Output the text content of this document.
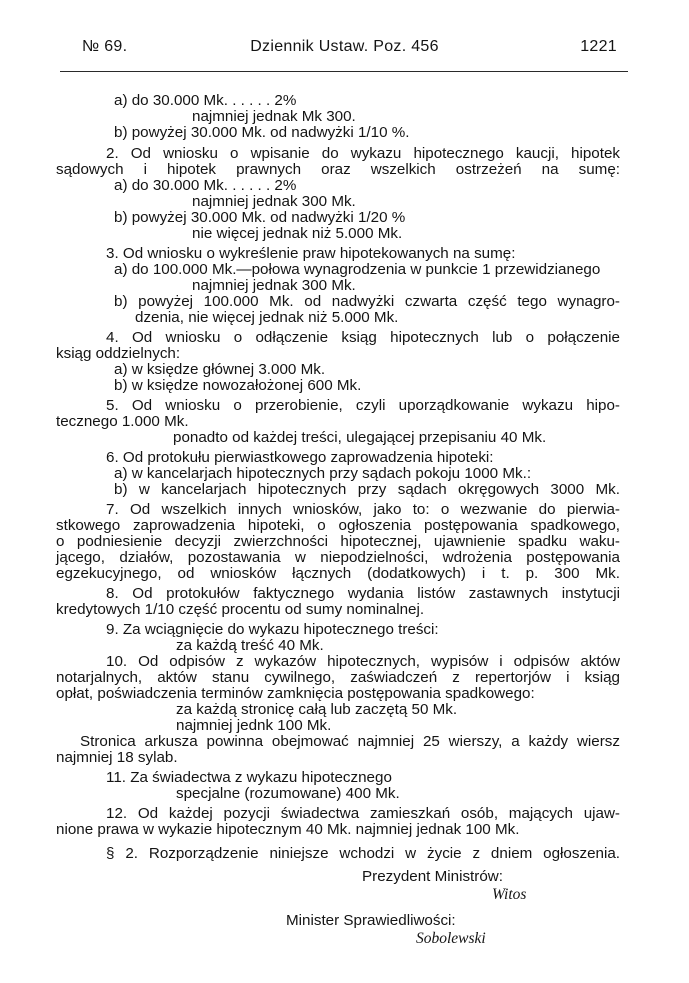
№ 69.	Dziennik Ustaw. Poz. 456	1221
a) do 30.000 Mk. . . . . . 2%
najmniej jednak Mk 300.
b) powyżej 30.000 Mk. od nadwyżki 1/10 %.
2. Od wniosku o wpisanie do wykazu hipotecznego kaucji, hipotek
sądowych i hipotek prawnych oraz wszelkich ostrzeżeń na sumę:
a) do 30.000 Mk. . . . . . 2%
najmniej jednak 300 Mk.
b) powyżej 30.000 Mk. od nadwyżki 1/20 %
nie więcej jednak niż 5.000 Mk.
3. Od wniosku o wykreślenie praw hipotekowanych na sumę:
a) do 100.000 Mk.—połowa wynagrodzenia w punkcie 1 przewidzianego
najmniej jednak 300 Mk.
b) powyżej 100.000 Mk. od nadwyżki czwarta część tego wynagro-
dzenia, nie więcej jednak niż 5.000 Mk.
4. Od wniosku o odłączenie ksiąg hipotecznych lub o połączenie
ksiąg oddzielnych:
a) w księdze głównej 3.000 Mk.
b) w księdze nowozałożonej 600 Mk.
5. Od wniosku o przerobienie, czyli uporządkowanie wykazu hipo-
tecznego 1.000 Mk.
ponadto od każdej treści, ulegającej przepisaniu 40 Mk.
6. Od protokułu pierwiastkowego zaprowadzenia hipoteki:
a) w kancelarjach hipotecznych przy sądach pokoju 1000 Mk.:
b) w kancelarjach hipotecznych przy sądach okręgowych 3000 Mk.
7. Od wszelkich innych wniosków, jako to: o wezwanie do pierwia-
stkowego zaprowadzenia hipoteki, o ogłoszenia postępowania spadkowego,
o podniesienie decyzji zwierzchności hipotecznej, ujawnienie spadku waku-
jącego, działów, pozostawania w niepodzielności, wdrożenia postępowania
egzekucyjnego, od wniosków łącznych (dodatkowych) i t. p. 300 Mk.
8. Od protokułów faktycznego wydania listów zastawnych instytucji
kredytowych 1/10 część procentu od sumy nominalnej.
9. Za wciągnięcie do wykazu hipotecznego treści:
za każdą treść 40 Mk.
10. Od odpisów z wykazów hipotecznych, wypisów i odpisów aktów
notarjalnych, aktów stanu cywilnego, zaświadczeń z repertorjów i ksiąg
opłat, poświadczenia terminów zamknięcia postępowania spadkowego:
za każdą stronicę całą lub zaczętą 50 Mk.
najmniej jednk 100 Mk.
Stronica arkusza powinna obejmować najmniej 25 wierszy, a każdy wiersz
najmniej 18 sylab.
11. Za świadectwa z wykazu hipotecznego
specjalne (rozumowane) 400 Mk.
12. Od każdej pozycji świadectwa zamieszkań osób, mających ujaw-
nione prawa w wykazie hipotecznym 40 Mk. najmniej jednak 100 Mk.
§ 2. Rozporządzenie niniejsze wchodzi w życie z dniem ogłoszenia.
Prezydent Ministrów:
Witos
Minister Sprawiedliwości:
Sobolewski
